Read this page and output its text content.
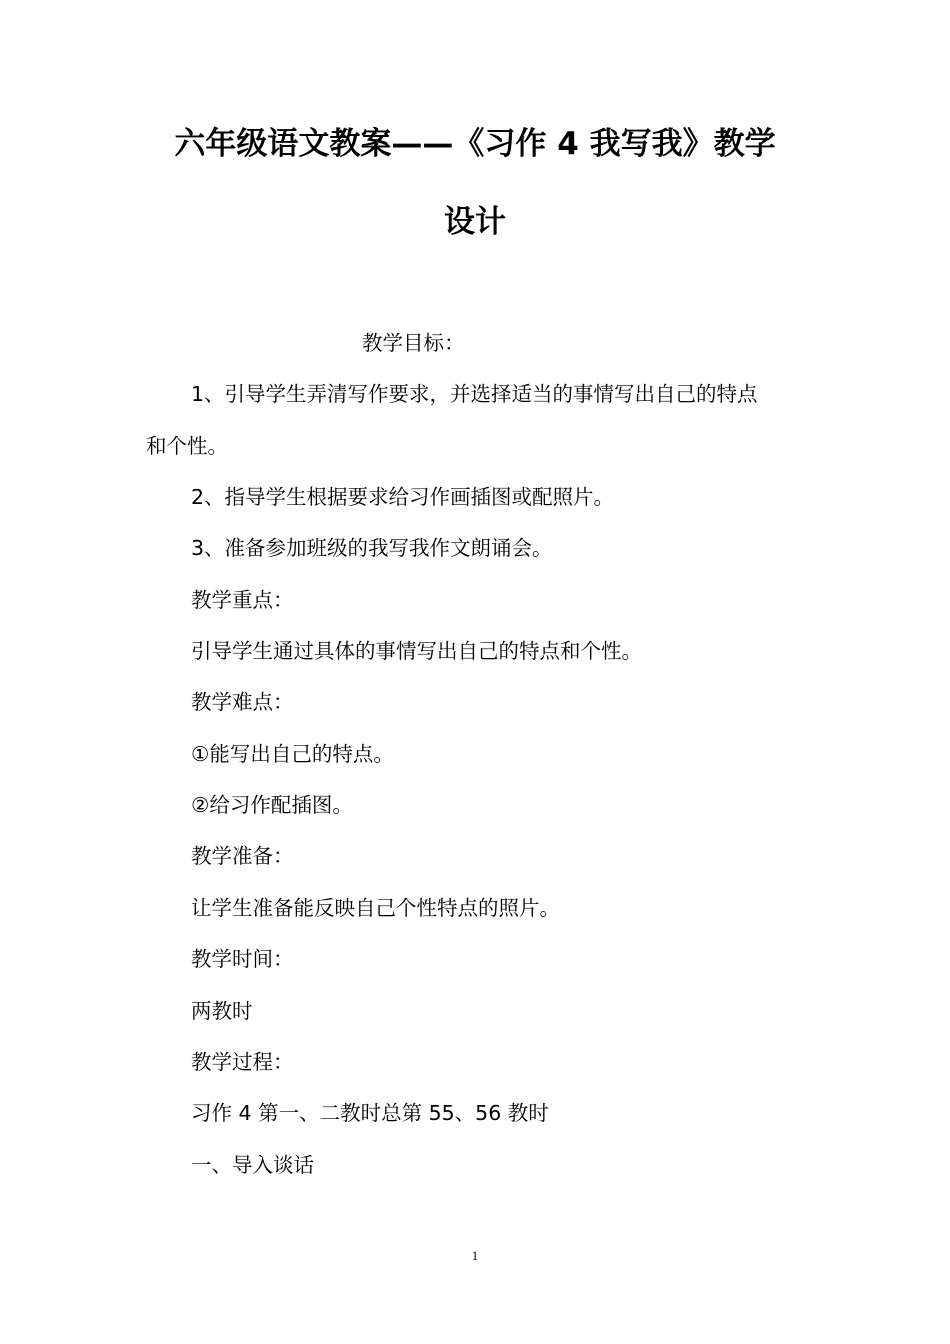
六年级语文教案——《习作 4 我写我》教学
设计
教学目标：
1、引导学生弄清写作要求，并选择适当的事情写出自己的特点
和个性。
2、指导学生根据要求给习作画插图或配照片。
3、准备参加班级的我写我作文朗诵会。
教学重点：
引导学生通过具体的事情写出自己的特点和个性。
教学难点：
①能写出自己的特点。
②给习作配插图。
教学准备：
让学生准备能反映自己个性特点的照片。
教学时间：
两教时
教学过程：
习作 4 第一、二教时总第 55、56 教时
一、导入谈话
1
